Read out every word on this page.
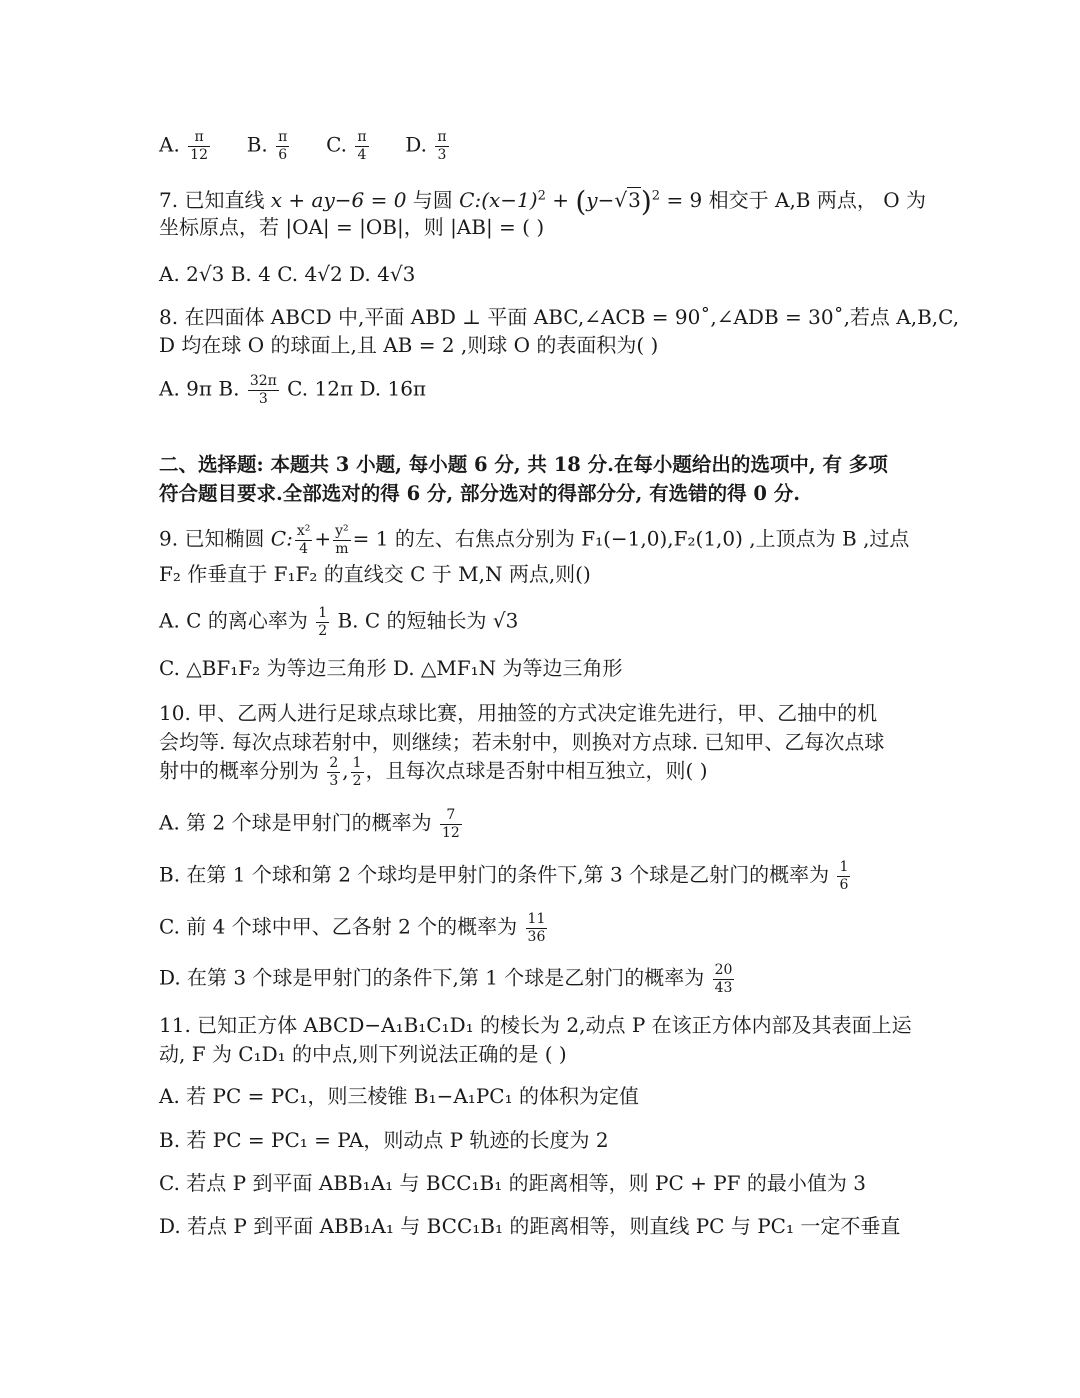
A. $\frac{\pi}{12} B$. $\frac{\pi}{6} C$. $\frac{\pi}{4} D$. $\frac{\pi}{3}$
7. 已知直线 x + ay−6 = 0 与圆 $C:(x-1)^2 + (y-√3)^2 = 9$ 相交于 A,B 两点， O 为
坐标原点，若 |OA| = |OB|，则 |AB| = ( )
A. 2√3 B. 4 C. 4√2 D. 4√3
8. 在四面体 ABCD 中,平面 ABD ⊥ 平面 ABC,∠ACB = 90˚,∠ADB = 30˚,若点 A,B,C,
D 均在球 O 的球面上,且 AB = 2 ,则球 O 的表面积为( )
A. 9π B. $\frac{32\pi}{3} C$. 12π D. 16π
二、选择题: 本题共 3 小题, 每小题 6 分, 共 18 分.在每小题给出的选项中, 有 多项
符合题目要求.全部选对的得 6 分, 部分选对的得部分分, 有选错的得 0 分.
9. 已知椭圆 C: $\frac{\text{x²}}{4} + \frac{\text{y²}}{m} = 1$ 的左、右焦点分别为 F₁(−1,0),F₂(1,0) ,上顶点为 B ,过点
F₂ 作垂直于 F₁F₂ 的直线交 C 于 M,N 两点,则()
A. C 的离心率为 $\frac{1}{2} B$. C 的短轴长为 √3
C. △BF₁F₂ 为等边三角形 D. △MF₁N 为等边三角形
10. 甲、乙两人进行足球点球比赛，用抽签的方式决定谁先进行，甲、乙抽中的机
会均等. 每次点球若射中，则继续；若未射中，则换对方点球. 已知甲、乙每次点球
射中的概率分别为 $\frac{2}{3}$ , $\frac{1}{2}$ ，且每次点球是否射中相互独立，则( )
A. 第 2 个球是甲射门的概率为 $\frac{7}{12}$
B. 在第 1 个球和第 2 个球均是甲射门的条件下,第 3 个球是乙射门的概率为 $\frac{1}{6}$
C. 前 4 个球中甲、乙各射 2 个的概率为 $\frac{11}{36}$
D. 在第 3 个球是甲射门的条件下,第 1 个球是乙射门的概率为 $\frac{20}{43}$
11. 已知正方体 ABCD−A₁B₁C₁D₁ 的棱长为 2,动点 P 在该正方体内部及其表面上运
动, F 为 C₁D₁ 的中点,则下列说法正确的是 ( )
A. 若 PC = PC₁，则三棱锥 B₁−A₁PC₁ 的体积为定值
B. 若 PC = PC₁ = PA，则动点 P 轨迹的长度为 2
C. 若点 P 到平面 ABB₁A₁ 与 BCC₁B₁ 的距离相等，则 PC + PF 的最小值为 3
D. 若点 P 到平面 ABB₁A₁ 与 BCC₁B₁ 的距离相等，则直线 PC 与 PC₁ 一定不垂直
